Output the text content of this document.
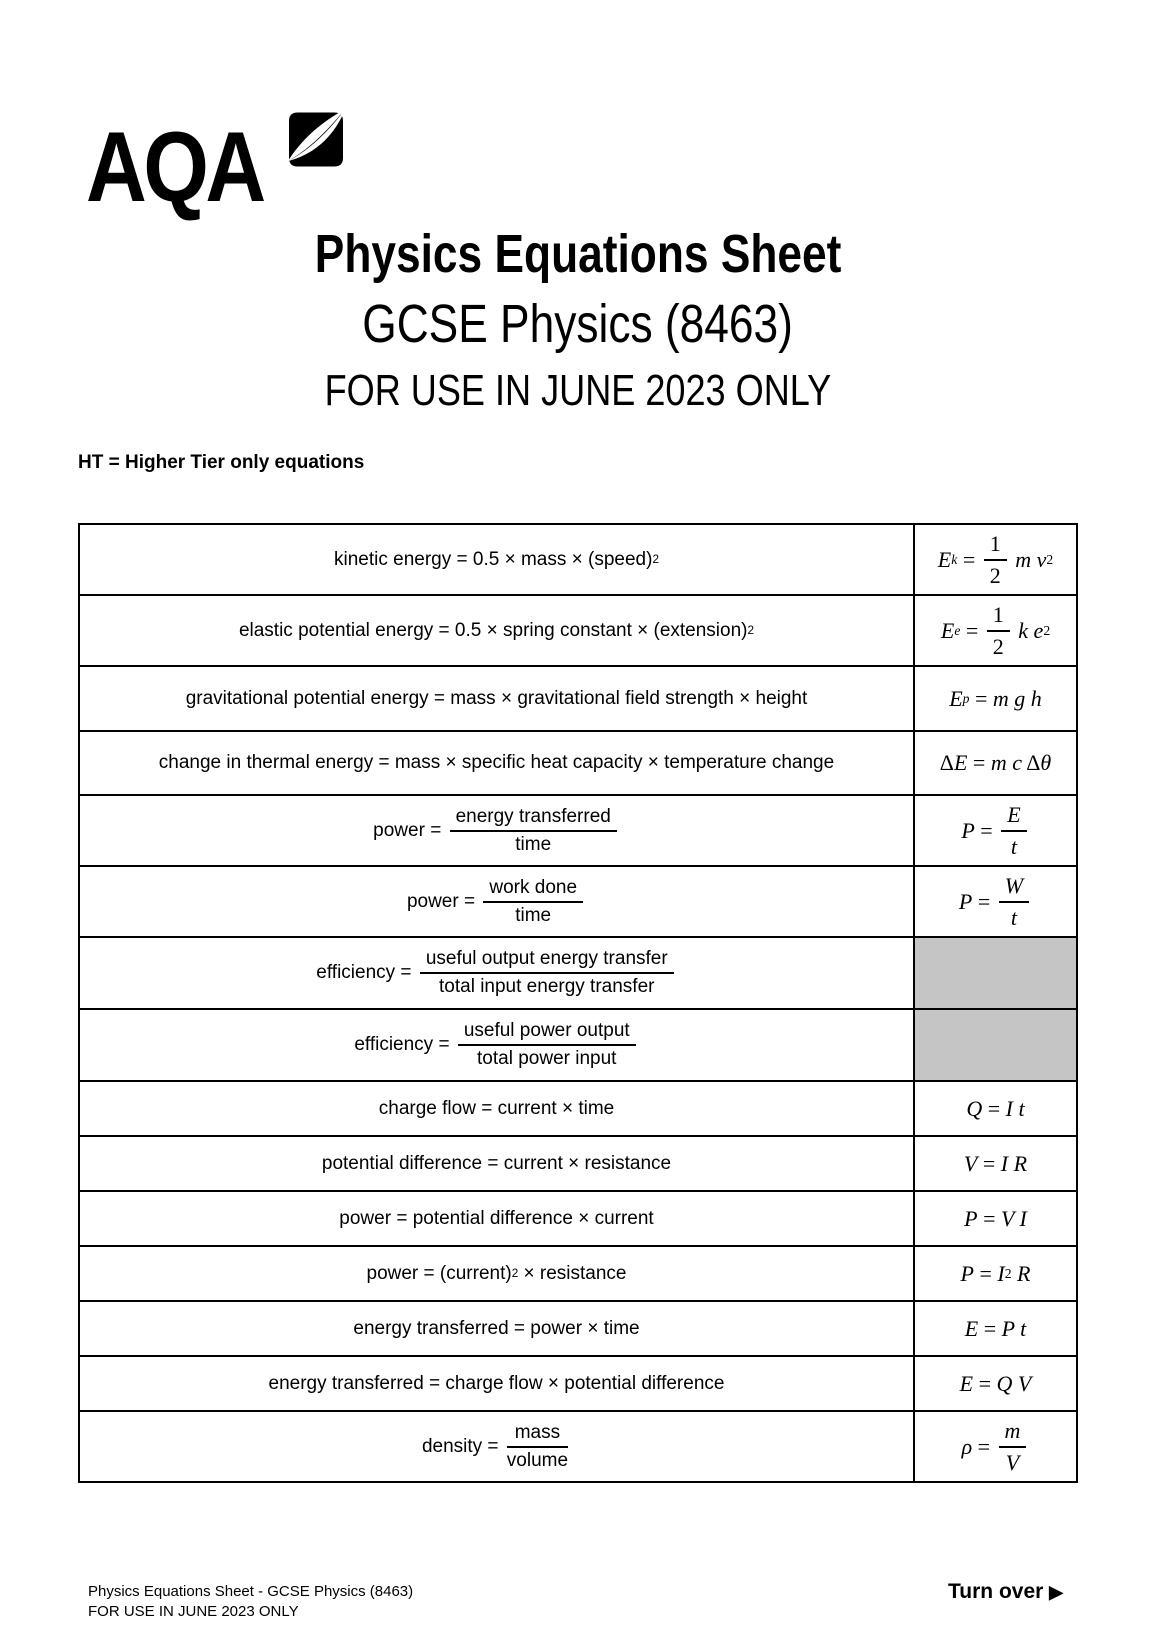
AQA
Physics Equations Sheet
GCSE Physics (8463)
FOR USE IN JUNE 2023 ONLY
HT = Higher Tier only equations
kinetic energy = 0.5 × mass × (speed) 2	E $k = \frac{1}{2}$ m v 2
elastic potential energy = 0.5 × spring constant × (extension) 2	E $e = \frac{1}{2}$ k e 2
gravitational potential energy = mass × gravitational field strength × height	E p = m g h
change in thermal energy = mass × specific heat capacity × temperature change	Δ E = m c Δ θ
power = $\frac{\text{energy transferred}}{\text{time}}$	$P = \frac{E}{t}$
power = $\frac{\text{work done}}{\text{time}}$	$P = \frac{W}{t}$
efficiency = $\frac{\text{useful output energy transfer}}{\text{total input energy transfer}}$
efficiency = $\frac{\text{useful power output}}{\text{total power input}}$
charge flow = current × time	Q = I t
potential difference = current × resistance	V = I R
power = potential difference × current	P = V I
power = (current) 2 × resistance	P = I 2 R
energy transferred = power × time	E = P t
energy transferred = charge flow × potential difference	E = Q V
density = $\frac{\text{mass}}{\text{volume}}$	$\rho = \frac{m}{V}$
Physics Equations Sheet - GCSE Physics (8463)
FOR USE IN JUNE 2023 ONLY
Turn over ▶
